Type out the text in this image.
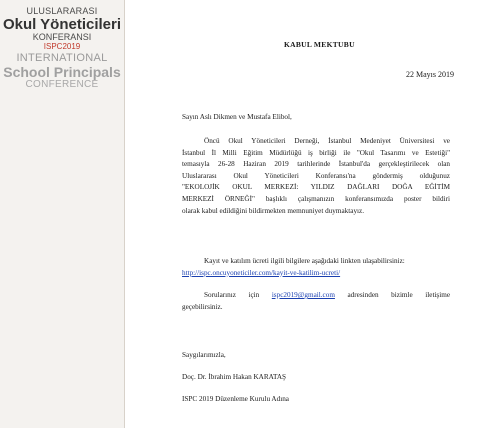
ULUSLARARASI
Okul Yöneticileri
KONFERANSI
ISPC2019
INTERNATIONAL
School Principals
CONFERENCE
KABUL MEKTUBU
22 Mayıs 2019
Sayın Aslı Dikmen ve Mustafa Elibol,
Öncü Okul Yöneticileri Derneği, İstanbul Medeniyet Üniversitesi ve
İstanbul İl Milli Eğitim Müdürlüğü iş birliği ile "Okul Tasarımı ve Estetiği"
temasıyla 26-28 Haziran 2019 tarihlerinde İstanbul'da gerçekleştirilecek olan
Uluslararası Okul Yöneticileri Konferansı'na göndermiş olduğunuz
"EKOLOJİK OKUL MERKEZİ: YILDIZ DAĞLARI DOĞA EĞİTİM
MERKEZİ ÖRNEĞİ" başlıklı çalışmanızın konferansımızda poster bildiri
olarak kabul edildiğini bildirmekten memnuniyet duymaktayız.
Kayıt ve katılım ücreti ilgili bilgilere aşağıdaki linkten ulaşabilirsiniz:
http://ispc.oncuyoneticiler.com/kayit-ve-katilim-ucreti/
Sorularınız için ispc2019@gmail.com adresinden bizimle iletişime
geçebilirsiniz.
Saygılarımızla,
Doç. Dr. İbrahim Hakan KARATAŞ
ISPC 2019 Düzenleme Kurulu Adına
